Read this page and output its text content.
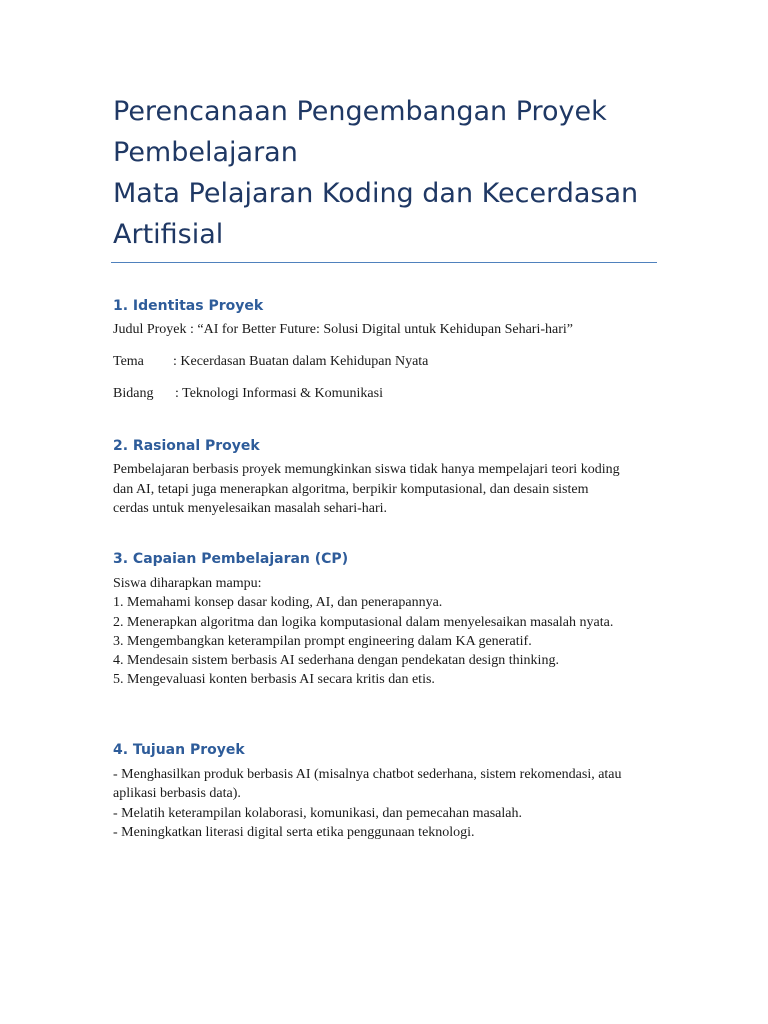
Perencanaan Pengembangan Proyek
Pembelajaran
Mata Pelajaran Koding dan Kecerdasan
Artifisial
1. Identitas Proyek

Judul Proyek : “AI for Better Future: Solusi Digital untuk Kehidupan Sehari-hari”

Tema : Kecerdasan Buatan dalam Kehidupan Nyata

Bidang : Teknologi Informasi & Komunikasi

2. Rasional Proyek
Pembelajaran berbasis proyek memungkinkan siswa tidak hanya mempelajari teori koding
dan AI, tetapi juga menerapkan algoritma, berpikir komputasional, dan desain sistem
cerdas untuk menyelesaikan masalah sehari-hari.
3. Capaian Pembelajaran (CP)
Siswa diharapkan mampu:
1. Memahami konsep dasar koding, AI, dan penerapannya.
2. Menerapkan algoritma dan logika komputasional dalam menyelesaikan masalah nyata.
3. Mengembangkan keterampilan prompt engineering dalam KA generatif.
4. Mendesain sistem berbasis AI sederhana dengan pendekatan design thinking.
5. Mengevaluasi konten berbasis AI secara kritis dan etis.
4. Tujuan Proyek
- Menghasilkan produk berbasis AI (misalnya chatbot sederhana, sistem rekomendasi, atau
aplikasi berbasis data).
- Melatih keterampilan kolaborasi, komunikasi, dan pemecahan masalah.
- Meningkatkan literasi digital serta etika penggunaan teknologi.
